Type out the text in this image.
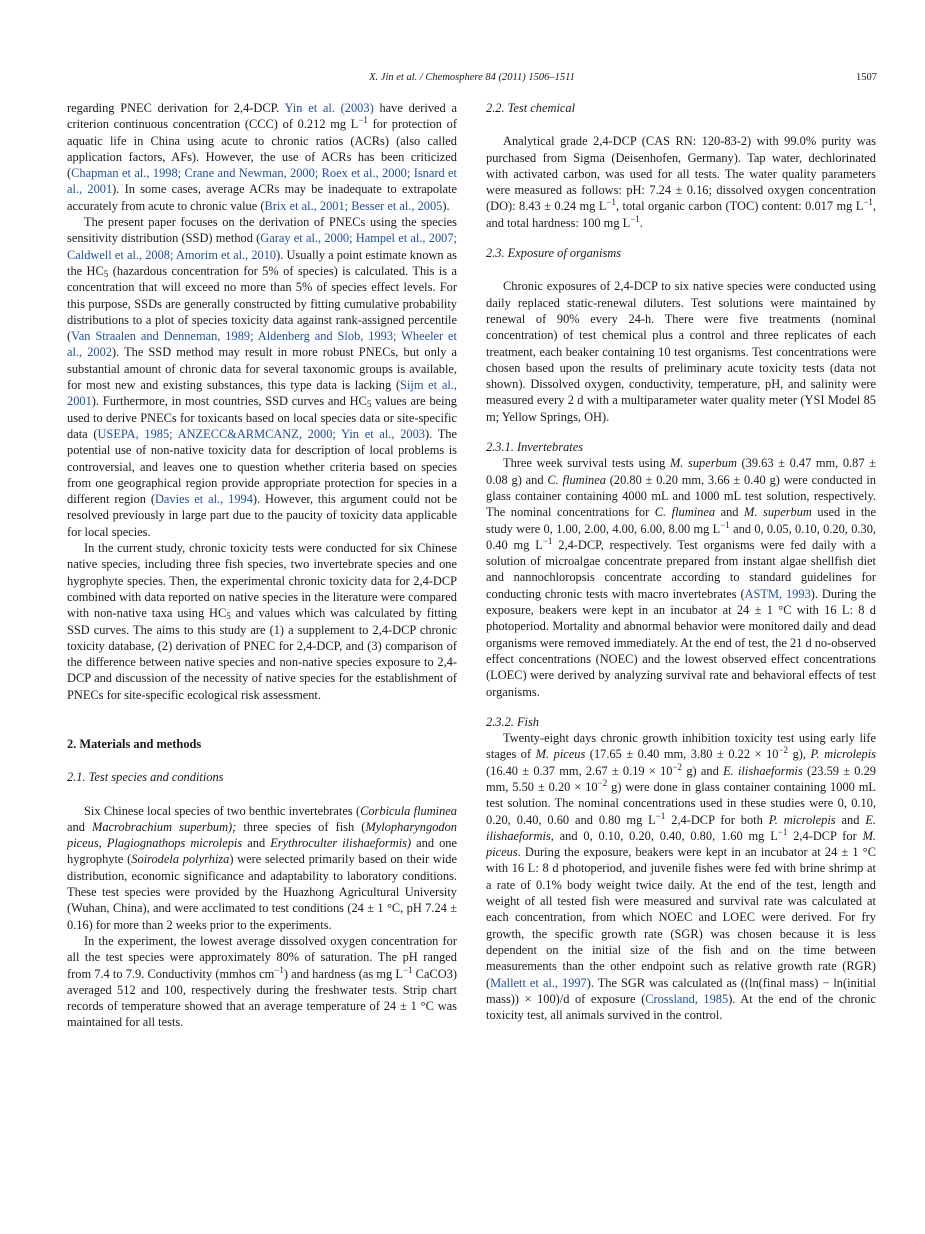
X. Jin et al. / Chemosphere 84 (2011) 1506–1511	1507

regarding PNEC derivation for 2,4-DCP. Yin et al. (2003) have derived a criterion continuous concentration (CCC) of 0.212 mg $L^{-1}$ for protection of aquatic life in China using acute to chronic ratios (ACRs) (also called application factors, AFs). However, the use of ACRs has been criticized (Chapman et al., 1998; Crane and Newman, 2000; Roex et al., 2000; Isnard et al., 2001). In some cases, average ACRs may be inadequate to extrapolate accurately from acute to chronic value (Brix et al., 2001; Besser et al., 2005).

The present paper focuses on the derivation of PNECs using the species sensitivity distribution (SSD) method (Garay et al., 2000; Hampel et al., 2007; Caldwell et al., 2008; Amorim et al., 2010). Usually a point estimate known as the $HC_5$ (hazardous concentration for 5% of species) is calculated. This is a concentration that will exceed no more than 5% of species effect levels. For this purpose, SSDs are generally constructed by fitting cumulative probability distributions to a plot of species toxicity data against rank-assigned percentile (Van Straalen and Denneman, 1989; Aldenberg and Slob, 1993; Wheeler et al., 2002). The SSD method may result in more robust PNECs, but only a substantial amount of chronic data for several taxonomic groups is available, for most new and existing substances, this type data is lacking (Sijm et al., 2001). Furthermore, in most countries, SSD curves and $HC_5$ values are being used to derive PNECs for toxicants based on local species data or site-specific data (USEPA, 1985; ANZECC&ARMCANZ, 2000; Yin et al., 2003). The potential use of non-native toxicity data for description of local problems is controversial, and leaves one to question whether criteria based on species from one geographical region provide appropriate protection for species in a different region (Davies et al., 1994). However, this argument could not be resolved previously in large part due to the paucity of toxicity data applicable for local species.

In the current study, chronic toxicity tests were conducted for six Chinese native species, including three fish species, two invertebrate species and one hygrophyte species. Then, the experimental chronic toxicity data for 2,4-DCP combined with data reported on native species in the literature were compared with non-native taxa using $HC_5$ and values which was calculated by fitting SSD curves. The aims to this study are (1) a supplement to 2,4-DCP chronic toxicity database, (2) derivation of PNEC for 2,4-DCP, and (3) comparison of the difference between native species and non-native species exposure to 2,4-DCP and discussion of the necessity of native species for the establishment of PNECs for site-specific ecological risk assessment.

2. Materials and methods
2.1. Test species and conditions

Six Chinese local species of two benthic invertebrates (Corbicula fluminea and Macrobrachium superbum); three species of fish (Mylopharyngodon piceus, Plagiognathops microlepis and Erythroculter ilishaeformis) and one hygrophyte (Soirodela polyrhiza) were selected primarily based on their wide distribution, economic significance and adaptability to laboratory conditions. These test species were provided by the Huazhong Agricultural University (Wuhan, China), and were acclimated to test conditions (24 ± 1 °C, pH 7.24 ± 0.16) for more than 2 weeks prior to the experiments.

In the experiment, the lowest average dissolved oxygen concentration for all the test species were approximately 80% of saturation. The pH ranged from 7.4 to 7.9. Conductivity (mmhos $cm^{-1}$) and hardness (as mg $L^{-1}$ CaCO3) averaged 512 and 100, respectively during the freshwater tests. Strip chart records of temperature showed that an average temperature of 24 ± 1 °C was maintained for all tests.

2.2. Test chemical

Analytical grade 2,4-DCP (CAS RN: 120-83-2) with 99.0% purity was purchased from Sigma (Deisenhofen, Germany). Tap water, dechlorinated with activated carbon, was used for all tests. The water quality parameters were measured as follows: pH: 7.24 ± 0.16; dissolved oxygen concentration (DO): 8.43 ± 0.24 mg $L^{-1}$, total organic carbon (TOC) content: 0.017 mg $L^{-1}$, and total hardness: 100 mg $L^{-1}$.

2.3. Exposure of organisms

Chronic exposures of 2,4-DCP to six native species were conducted using daily replaced static-renewal diluters. Test solutions were maintained by renewal of 90% every 24-h. There were five treatments (nominal concentration) of test chemical plus a control and three replicates of each treatment, each beaker containing 10 test organisms. Test concentrations were chosen based upon the results of preliminary acute toxicity tests (data not shown). Dissolved oxygen, conductivity, temperature, pH, and salinity were measured every 2 d with a multiparameter water quality meter (YSI Model 85 m; Yellow Springs, OH).

2.3.1. Invertebrates

Three week survival tests using M. superbum (39.63 ± 0.47 mm, 0.87 ± 0.08 g) and C. fluminea (20.80 ± 0.20 mm, 3.66 ± 0.40 g) were conducted in glass container containing 4000 mL and 1000 mL test solution, respectively. The nominal concentrations for C. fluminea and M. superbum used in the study were 0, 1.00, 2.00, 4.00, 6.00, 8.00 mg $L^{-1}$ and 0, 0.05, 0.10, 0.20, 0.30, 0.40 mg $L^{-1}$ 2,4-DCP, respectively. Test organisms were fed daily with a solution of microalgae concentrate prepared from instant algae shellfish diet and nannochloropsis concentrate according to standard guidelines for conducting chronic tests with macro invertebrates (ASTM, 1993). During the exposure, beakers were kept in an incubator at 24 ± 1 °C with 16 L: 8 d photoperiod. Mortality and abnormal behavior were monitored daily and dead organisms were removed immediately. At the end of test, the 21 d no-observed effect concentrations (NOEC) and the lowest observed effect concentrations (LOEC) were derived by analyzing survival rate and behavioral effects of test organisms.

2.3.2. Fish

Twenty-eight days chronic growth inhibition toxicity test using early life stages of M. piceus (17.65 ± 0.40 mm, $3.80 \pm 0.22 \times 10^{-2}$ g), P. microlepis (16.40 ± 0.37 mm, $2.67 \pm 0.19 \times 10^{-2}$ g) and E. ilishaeformis (23.59 ± 0.29 mm, $5.50 \pm 0.20 \times 10^{-2}$ g) were done in glass container containing 1000 mL test solution. The nominal concentrations used in these studies were 0, 0.10, 0.20, 0.40, 0.60 and 0.80 mg $L^{-1}$ 2,4-DCP for both P. microlepis and E. ilishaeformis, and 0, 0.10, 0.20, 0.40, 0.80, 1.60 mg $L^{-1}$ 2,4-DCP for M. piceus. During the exposure, beakers were kept in an incubator at 24 ± 1 °C with 16 L: 8 d photoperiod, and juvenile fishes were fed with brine shrimp at a rate of 0.1% body weight twice daily. At the end of the test, length and weight of all tested fish were measured and survival rate was calculated at each concentration, from which NOEC and LOEC were derived. For fry growth, the specific growth rate (SGR) was chosen because it is less dependent on the initial size of the fish and on the time between measurements than the other endpoint such as relative growth rate (RGR) (Mallett et al., 1997). The SGR was calculated as ((ln(final mass) − ln(initial mass)) × 100)/d of exposure (Crossland, 1985). At the end of the chronic toxicity test, all animals survived in the control.
